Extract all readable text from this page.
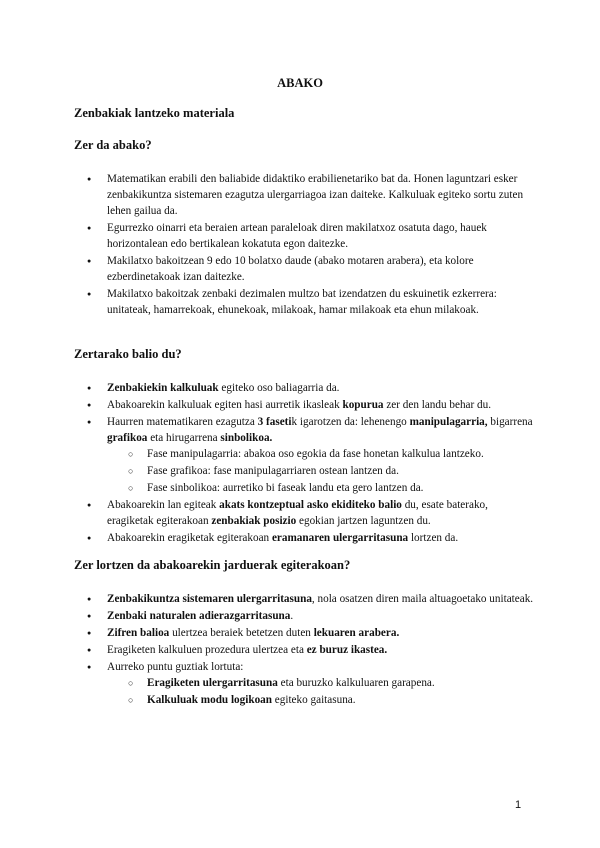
ABAKO
Zenbakiak lantzeko materiala
Zer da abako?
● Matematikan erabili den baliabide didaktiko erabilienetariko bat da. Honen laguntzari esker zenbakikuntza sistemaren ezagutza ulergarriagoa izan daiteke. Kalkuluak egiteko sortu zuten lehen gailua da.
● Egurrezko oinarri eta beraien artean paraleloak diren makilatxoz osatuta dago, hauek horizontalean edo bertikalean kokatuta egon daitezke.
● Makilatxo bakoitzean 9 edo 10 bolatxo daude (abako motaren arabera), eta kolore ezberdinetakoak izan daitezke.
● Makilatxo bakoitzak zenbaki dezimalen multzo bat izendatzen du eskuinetik ezkerrera: unitateak, hamarrekoak, ehunekoak, milakoak, hamar milakoak eta ehun milakoak.
Zertarako balio du?
● Zenbakiekin kalkuluak egiteko oso baliagarria da.
● Abakoarekin kalkuluak egiten hasi aurretik ikasleak kopurua zer den landu behar du.
● Haurren matematikaren ezagutza 3 fasetik igarotzen da: lehenengo manipulagarria, bigarrena grafikoa eta hirugarrena sinbolikoa.
○ Fase manipulagarria: abakoa oso egokia da fase honetan kalkulua lantzeko.
○ Fase grafikoa: fase manipulagarriaren ostean lantzen da.
○ Fase sinbolikoa: aurretiko bi faseak landu eta gero lantzen da.
● Abakoarekin lan egiteak akats kontzeptual asko ekiditeko balio du, esate baterako, eragiketak egiterakoan zenbakiak posizio egokian jartzen laguntzen du.
● Abakoarekin eragiketak egiterakoan eramanaren ulergarritasuna lortzen da.
Zer lortzen da abakoarekin jarduerak egiterakoan?
● Zenbakikuntza sistemaren ulergarritasuna, nola osatzen diren maila altuagoetako unitateak.
● Zenbaki naturalen adierazgarritasuna.
● Zifren balioa ulertzea beraiek betetzen duten lekuaren arabera.
● Eragiketen kalkuluen prozedura ulertzea eta ez buruz ikastea.
● Aurreko puntu guztiak lortuta:
○ Eragiketen ulergarritasuna eta buruzko kalkuluaren garapena.
○ Kalkuluak modu logikoan egiteko gaitasuna.
1
